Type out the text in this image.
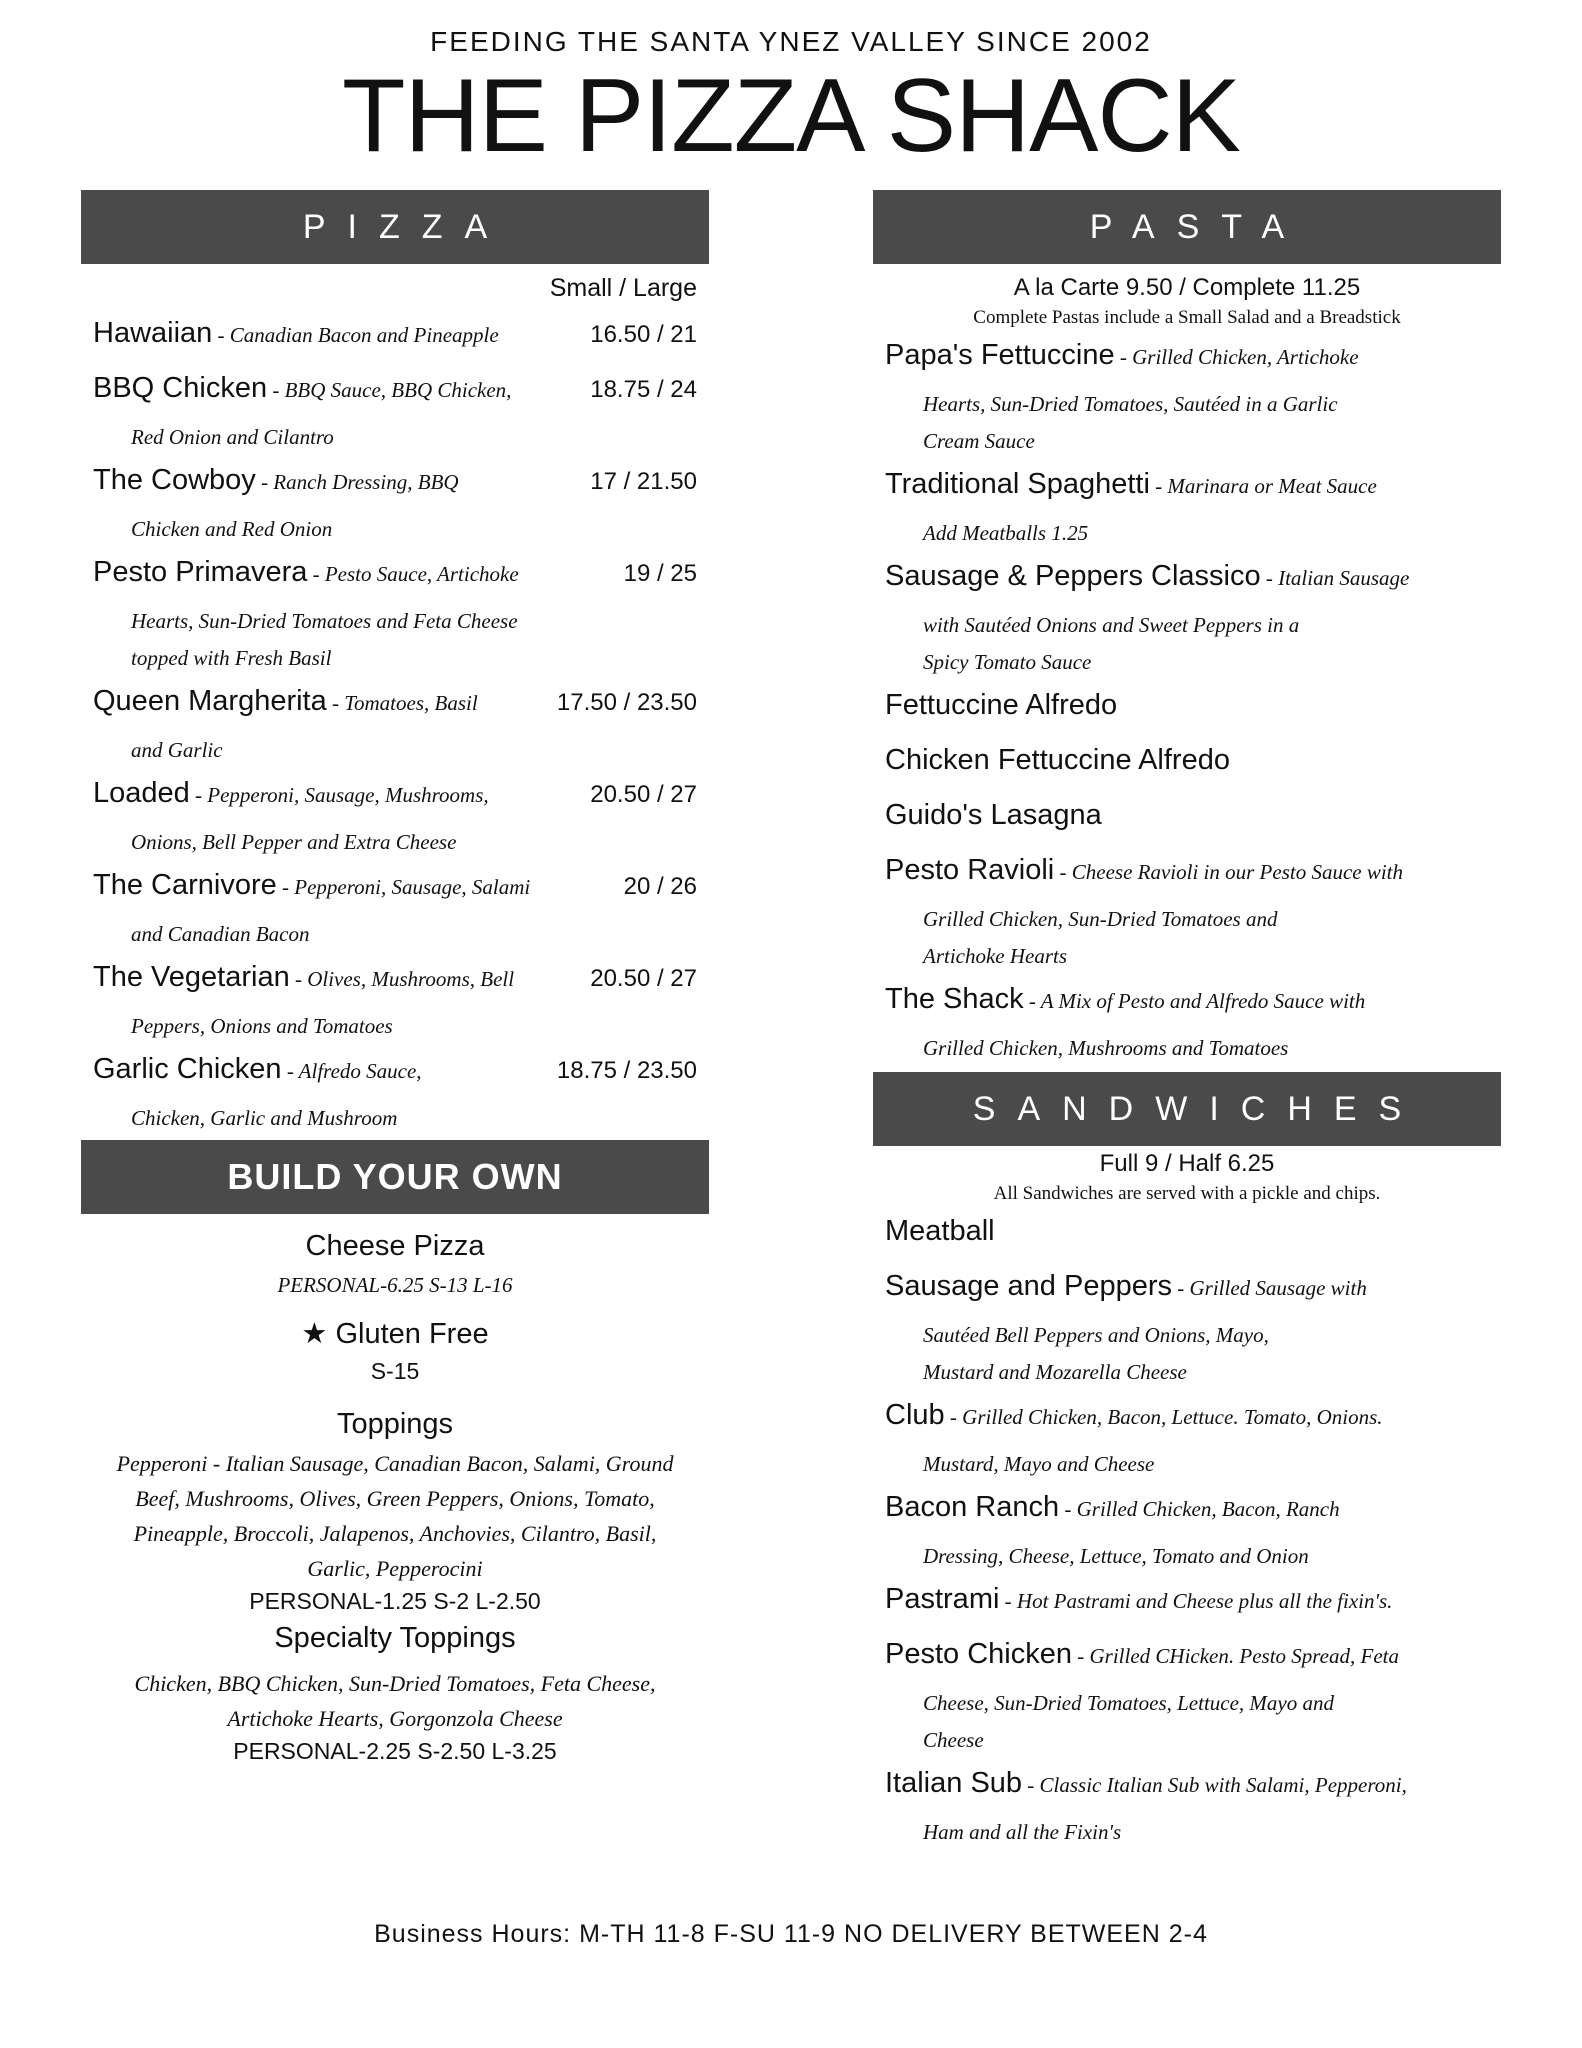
FEEDING THE SANTA YNEZ VALLEY SINCE 2002
THE PIZZA SHACK
PIZZA
Small / Large
Hawaiian - Canadian Bacon and Pineapple	16.50 / 21
BBQ Chicken - BBQ Sauce, BBQ Chicken,	18.75 / 24
Red Onion and Cilantro
The Cowboy - Ranch Dressing, BBQ	17 / 21.50
Chicken and Red Onion
Pesto Primavera - Pesto Sauce, Artichoke	19 / 25
Hearts, Sun-Dried Tomatoes and Feta Cheese
topped with Fresh Basil
Queen Margherita - Tomatoes, Basil	17.50 / 23.50
and Garlic
Loaded - Pepperoni, Sausage, Mushrooms,	20.50 / 27
Onions, Bell Pepper and Extra Cheese
The Carnivore - Pepperoni, Sausage, Salami	20 / 26
and Canadian Bacon
The Vegetarian - Olives, Mushrooms, Bell	20.50 / 27
Peppers, Onions and Tomatoes
Garlic Chicken - Alfredo Sauce,	18.75 / 23.50
Chicken, Garlic and Mushroom
BUILD YOUR OWN
Cheese Pizza
PERSONAL-6.25 S-13 L-16
★ Gluten Free
S-15
Toppings
Pepperoni - Italian Sausage, Canadian Bacon, Salami, Ground Beef, Mushrooms, Olives, Green Peppers, Onions, Tomato, Pineapple, Broccoli, Jalapenos, Anchovies, Cilantro, Basil, Garlic, Pepperocini
PERSONAL-1.25 S-2 L-2.50
Specialty Toppings
Chicken, BBQ Chicken, Sun-Dried Tomatoes, Feta Cheese, Artichoke Hearts, Gorgonzola Cheese
PERSONAL-2.25 S-2.50 L-3.25
PASTA
A la Carte 9.50 / Complete 11.25
Complete Pastas include a Small Salad and a Breadstick
Papa's Fettuccine - Grilled Chicken, Artichoke
Hearts, Sun-Dried Tomatoes, Sautéed in a Garlic
Cream Sauce
Traditional Spaghetti - Marinara or Meat Sauce
Add Meatballs 1.25
Sausage & Peppers Classico - Italian Sausage
with Sautéed Onions and Sweet Peppers in a
Spicy Tomato Sauce
Fettuccine Alfredo
Chicken Fettuccine Alfredo
Guido's Lasagna
Pesto Ravioli - Cheese Ravioli in our Pesto Sauce with
Grilled Chicken, Sun-Dried Tomatoes and
Artichoke Hearts
The Shack - A Mix of Pesto and Alfredo Sauce with
Grilled Chicken, Mushrooms and Tomatoes
SANDWICHES
Full 9 / Half 6.25
All Sandwiches are served with a pickle and chips.
Meatball
Sausage and Peppers - Grilled Sausage with
Sautéed Bell Peppers and Onions, Mayo,
Mustard and Mozarella Cheese
Club - Grilled Chicken, Bacon, Lettuce. Tomato, Onions.
Mustard, Mayo and Cheese
Bacon Ranch - Grilled Chicken, Bacon, Ranch
Dressing, Cheese, Lettuce, Tomato and Onion
Pastrami - Hot Pastrami and Cheese plus all the fixin's.
Pesto Chicken - Grilled CHicken. Pesto Spread, Feta
Cheese, Sun-Dried Tomatoes, Lettuce, Mayo and
Cheese
Italian Sub - Classic Italian Sub with Salami, Pepperoni,
Ham and all the Fixin's
Business Hours: M-TH 11-8 F-SU 11-9 NO DELIVERY BETWEEN 2-4
